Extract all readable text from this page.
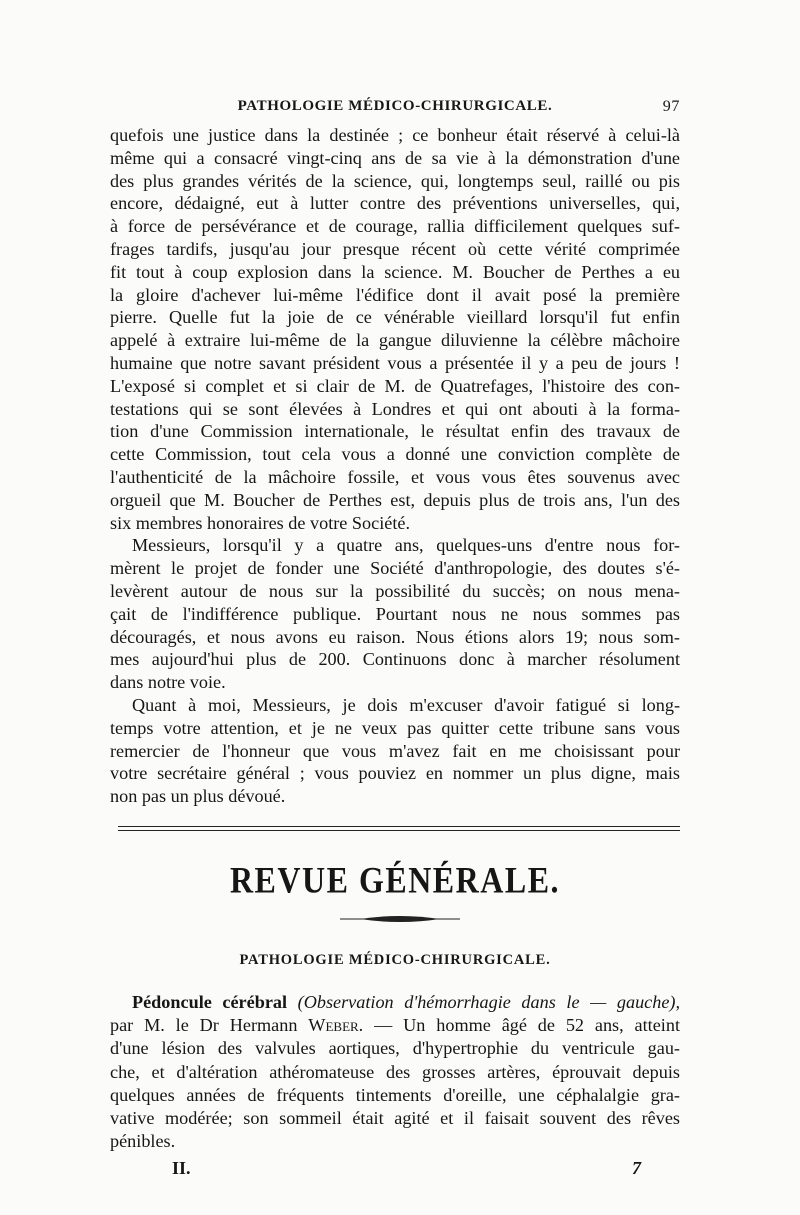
PATHOLOGIE MÉDICO-CHIRURGICALE.	97
quefois une justice dans la destinée ; ce bonheur était réservé à celui-là
même qui a consacré vingt-cinq ans de sa vie à la démonstration d'une
des plus grandes vérités de la science, qui, longtemps seul, raillé ou pis
encore, dédaigné, eut à lutter contre des préventions universelles, qui,
à force de persévérance et de courage, rallia difficilement quelques suf-
frages tardifs, jusqu'au jour presque récent où cette vérité comprimée
fit tout à coup explosion dans la science. M. Boucher de Perthes a eu
la gloire d'achever lui-même l'édifice dont il avait posé la première
pierre. Quelle fut la joie de ce vénérable vieillard lorsqu'il fut enfin
appelé à extraire lui-même de la gangue diluvienne la célèbre mâchoire
humaine que notre savant président vous a présentée il y a peu de jours !
L'exposé si complet et si clair de M. de Quatrefages, l'histoire des con-
testations qui se sont élevées à Londres et qui ont abouti à la forma-
tion d'une Commission internationale, le résultat enfin des travaux de
cette Commission, tout cela vous a donné une conviction complète de
l'authenticité de la mâchoire fossile, et vous vous êtes souvenus avec
orgueil que M. Boucher de Perthes est, depuis plus de trois ans, l'un des
six membres honoraires de votre Société.
Messieurs, lorsqu'il y a quatre ans, quelques-uns d'entre nous for-
mèrent le projet de fonder une Société d'anthropologie, des doutes s'é-
levèrent autour de nous sur la possibilité du succès; on nous mena-
çait de l'indifférence publique. Pourtant nous ne nous sommes pas
découragés, et nous avons eu raison. Nous étions alors 19; nous som-
mes aujourd'hui plus de 200. Continuons donc à marcher résolument
dans notre voie.
Quant à moi, Messieurs, je dois m'excuser d'avoir fatigué si long-
temps votre attention, et je ne veux pas quitter cette tribune sans vous
remercier de l'honneur que vous m'avez fait en me choisissant pour
votre secrétaire général ; vous pouviez en nommer un plus digne, mais
non pas un plus dévoué.
REVUE GÉNÉRALE.
PATHOLOGIE MÉDICO-CHIRURGICALE.
Pédoncule cérébral (Observation d'hémorrhagie dans le — gauche),
par M. le Dr Hermann Weber. — Un homme âgé de 52 ans, atteint
d'une lésion des valvules aortiques, d'hypertrophie du ventricule gau-
che, et d'altération athéromateuse des grosses artères, éprouvait depuis
quelques années de fréquents tintements d'oreille, une céphalalgie gra-
vative modérée; son sommeil était agité et il faisait souvent des rêves
pénibles.
II.	7
